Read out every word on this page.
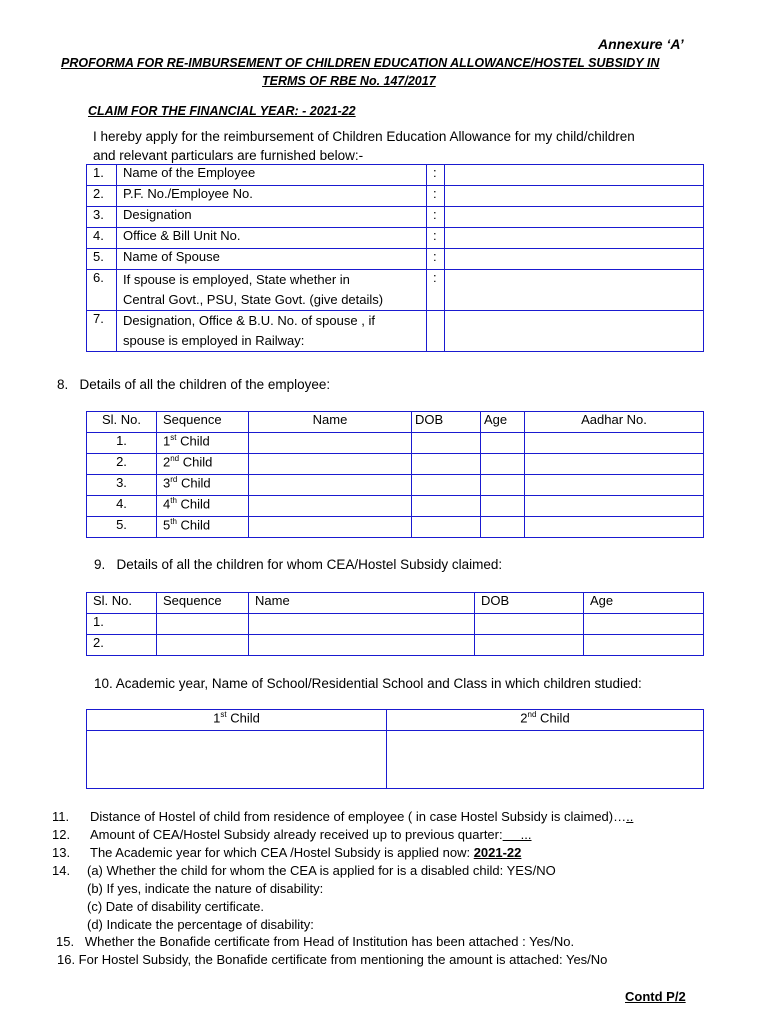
Annexure ‘A’
PROFORMA FOR RE-IMBURSEMENT OF CHILDREN EDUCATION ALLOWANCE/HOSTEL SUBSIDY IN
TERMS OF RBE No. 147/2017
CLAIM FOR THE FINANCIAL YEAR: - 2021-22
I hereby apply for the reimbursement of Children Education Allowance for my child/children
and relevant particulars are furnished below:-
1.	Name of the Employee	:	
2.	P.F. No./Employee No.	:	
3.	Designation	:	
4.	Office & Bill Unit No.	:	
5.	Name of Spouse	:	
6.	If spouse is employed, State whether in
Central Govt., PSU, State Govt. (give details)	:	
7.	Designation, Office & B.U. No. of spouse , if
spouse is employed in Railway:		
8.   Details of all the children of the employee:
Sl. No.	Sequence	Name	DOB	Age	Aadhar No.
1.	1st Child				
2.	2nd Child				
3.	3rd Child				
4.	4th Child				
5.	5th Child				
9.   Details of all the children for whom CEA/Hostel Subsidy claimed:
Sl. No.	Sequence	Name	DOB	Age
1.				
2.				
10. Academic year, Name of School/Residential School and Class in which children studied:
1st Child	2nd Child

11. Distance of Hostel of child from residence of employee ( in case Hostel Subsidy is claimed)…..
12. Amount of CEA/Hostel Subsidy already received up to previous quarter:     ...
13. The Academic year for which CEA /Hostel Subsidy is applied now: 2021-22
14. (a) Whether the child for whom the CEA is applied for is a disabled child: YES/NO
(b) If yes, indicate the nature of disability:
(c) Date of disability certificate.
(d) Indicate the percentage of disability:
15.   Whether the Bonafide certificate from Head of Institution has been attached : Yes/No.
16. For Hostel Subsidy, the Bonafide certificate from mentioning the amount is attached: Yes/No
Contd P/2
